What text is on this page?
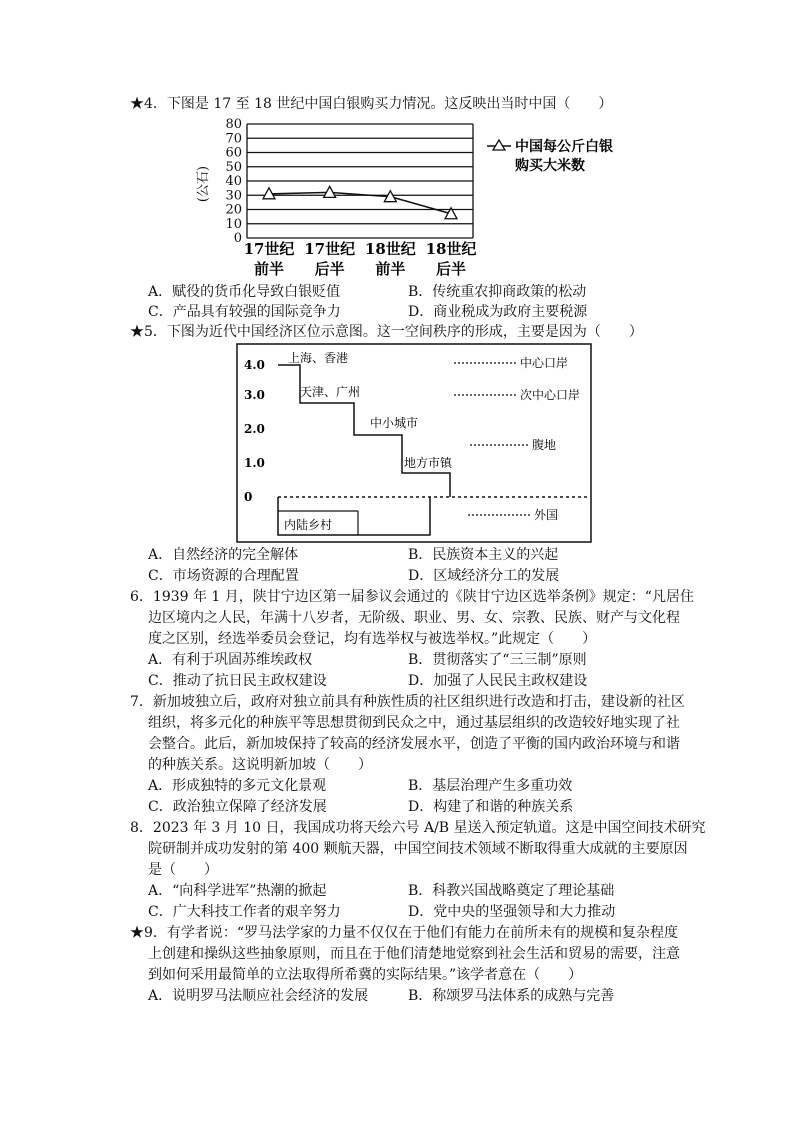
★4．下图是 17 至 18 世纪中国白银购买力情况。这反映出当时中国（　　）
0
10
20
30
40
50
60
70
80
17世纪
前半
17世纪
后半
18世纪
前半
18世纪
后半
(公石)
中国每公斤白银
购买大米数
A．赋役的货币化导致白银贬值	B．传统重农抑商政策的松动
C．产品具有较强的国际竞争力	D．商业税成为政府主要税源
★5．下图为近代中国经济区位示意图。这一空间秩序的形成，主要是因为（　　）
4.0
3.0
2.0
1.0
0
上海、香港
天津、广州
中小城市
地方市镇
内陆乡村
中心口岸
次中心口岸
腹地
外国
A．自然经济的完全解体	B．民族资本主义的兴起
C．市场资源的合理配置	D．区域经济分工的发展
6．1939 年 1 月，陕甘宁边区第一届参议会通过的《陕甘宁边区选举条例》规定：“凡居住
边区境内之人民，年满十八岁者，无阶级、职业、男、女、宗教、民族、财产与文化程
度之区别，经选举委员会登记，均有选举权与被选举权。”此规定（　　）
A．有利于巩固苏维埃政权	B．贯彻落实了“三三制”原则
C．推动了抗日民主政权建设	D．加强了人民民主政权建设
7．新加坡独立后，政府对独立前具有种族性质的社区组织进行改造和打击，建设新的社区
组织，将多元化的种族平等思想贯彻到民众之中，通过基层组织的改造较好地实现了社
会整合。此后，新加坡保持了较高的经济发展水平，创造了平衡的国内政治环境与和谐
的种族关系。这说明新加坡（　　）
A．形成独特的多元文化景观	B．基层治理产生多重功效
C．政治独立保障了经济发展	D．构建了和谐的种族关系
8．2023 年 3 月 10 日，我国成功将天绘六号 A/B 星送入预定轨道。这是中国空间技术研究
院研制并成功发射的第 400 颗航天器，中国空间技术领域不断取得重大成就的主要原因
是（　　）
A．“向科学进军”热潮的掀起	B．科教兴国战略奠定了理论基础
C．广大科技工作者的艰辛努力	D．党中央的坚强领导和大力推动
★9．有学者说：“罗马法学家的力量不仅仅在于他们有能力在前所未有的规模和复杂程度
上创建和操纵这些抽象原则，而且在于他们清楚地觉察到社会生活和贸易的需要，注意
到如何采用最简单的立法取得所希冀的实际结果。”该学者意在（　　）
A．说明罗马法顺应社会经济的发展	B．称颂罗马法体系的成熟与完善
